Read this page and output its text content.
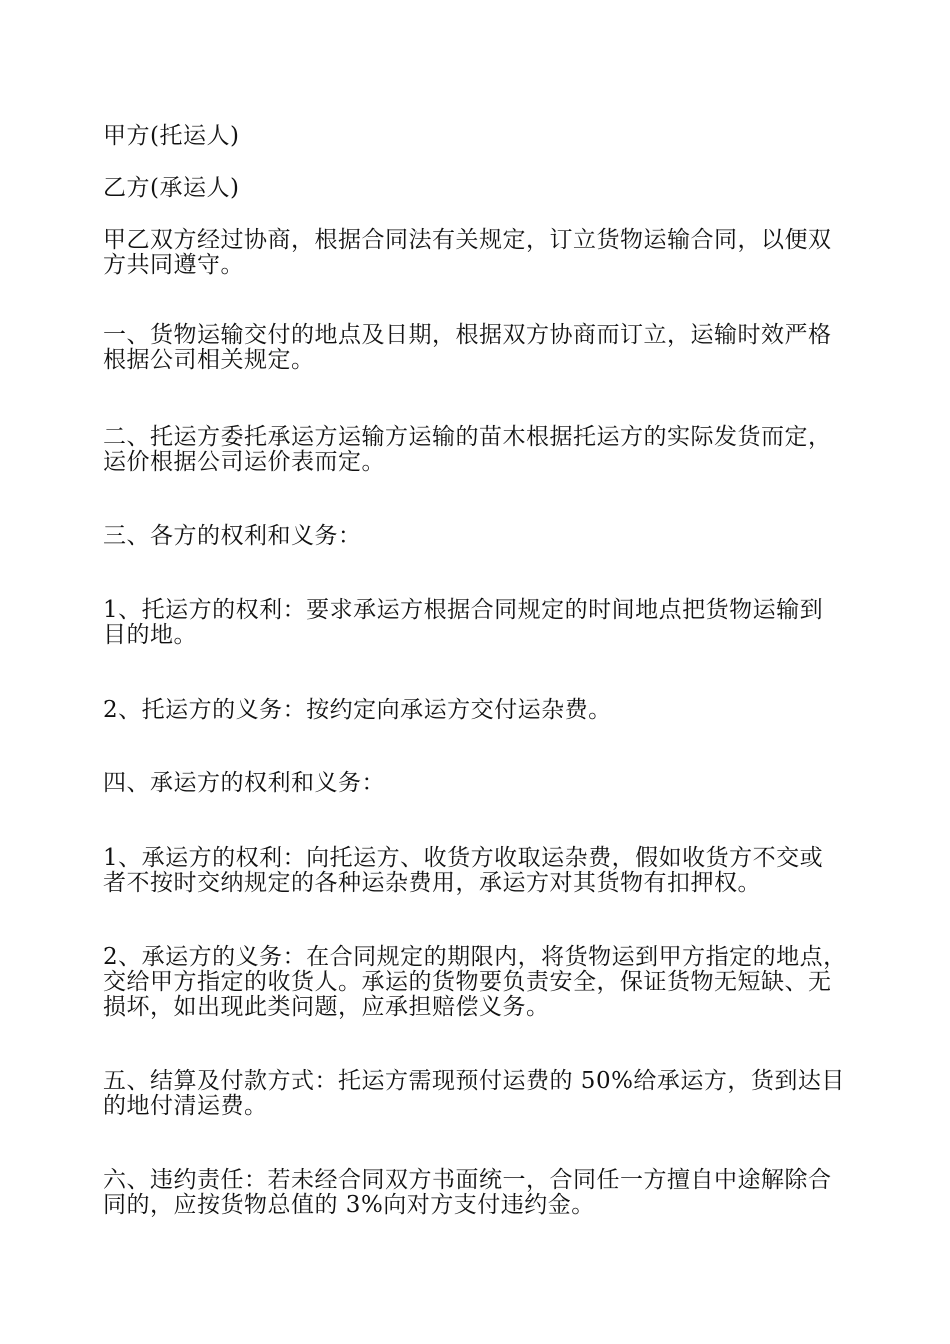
甲方(托运人)

乙方(承运人)

甲乙双方经过协商，根据合同法有关规定，订立货物运输合同，以便双
方共同遵守。

一、货物运输交付的地点及日期，根据双方协商而订立，运输时效严格
根据公司相关规定。

二、托运方委托承运方运输方运输的苗木根据托运方的实际发货而定，
运价根据公司运价表而定。

三、各方的权利和义务：

1、托运方的权利：要求承运方根据合同规定的时间地点把货物运输到
目的地。

2、托运方的义务：按约定向承运方交付运杂费。

四、承运方的权利和义务：

1、承运方的权利：向托运方、收货方收取运杂费，假如收货方不交或
者不按时交纳规定的各种运杂费用，承运方对其货物有扣押权。

2、承运方的义务：在合同规定的期限内，将货物运到甲方指定的地点，
交给甲方指定的收货人。承运的货物要负责安全，保证货物无短缺、无
损坏，如出现此类问题，应承担赔偿义务。

五、结算及付款方式：托运方需现预付运费的 50%给承运方，货到达目
的地付清运费。

六、违约责任：若未经合同双方书面统一，合同任一方擅自中途解除合
同的，应按货物总值的 3%向对方支付违约金。
